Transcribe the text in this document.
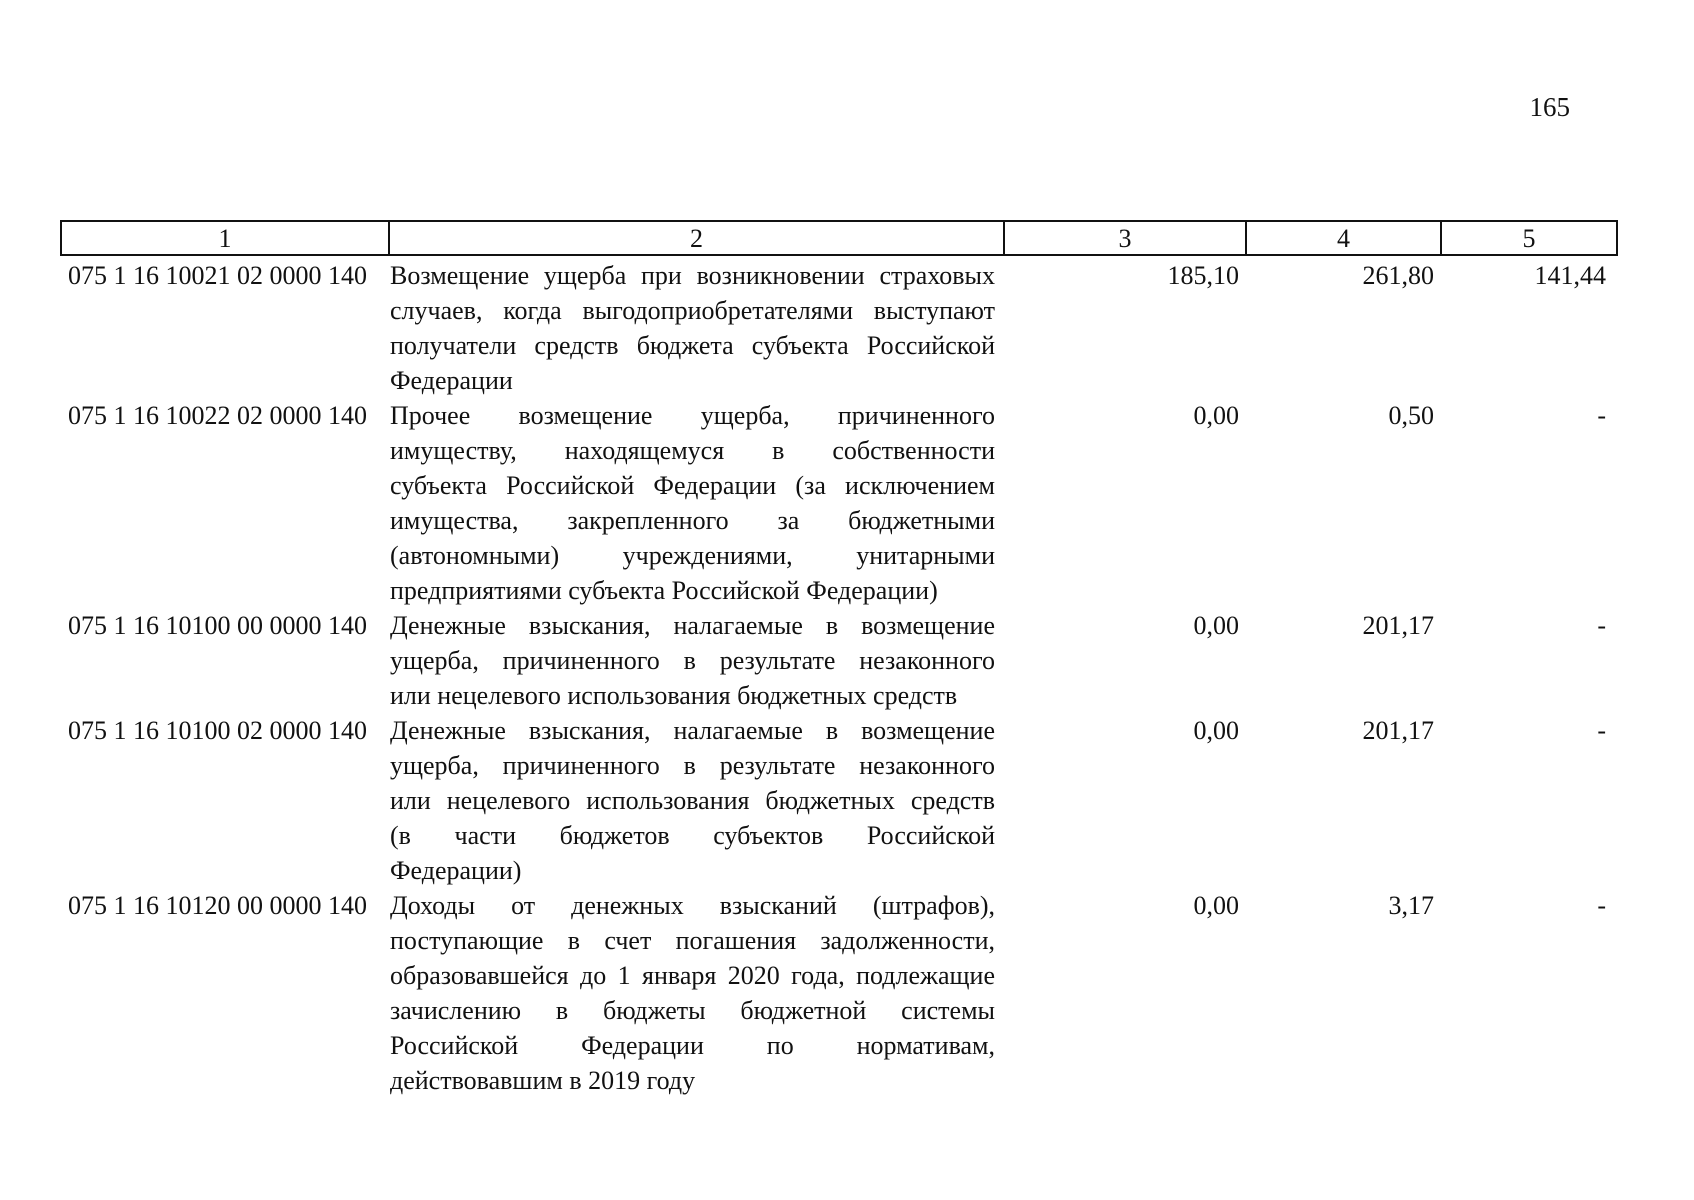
165
1	2	3	4	5
075 1 16 10021 02 0000 140 Возмещение ущерба при возникновении страховых
случаев, когда выгодоприобретателями выступают
получатели средств бюджета субъекта Российской
Федерации
185,10	261,80	141,44
075 1 16 10022 02 0000 140 Прочее возмещение ущерба, причиненного
имуществу, находящемуся в собственности
субъекта Российской Федерации (за исключением
имущества, закрепленного за бюджетными
(автономными) учреждениями, унитарными
предприятиями субъекта Российской Федерации)
0,00	0,50	-
075 1 16 10100 00 0000 140 Денежные взыскания, налагаемые в возмещение
ущерба, причиненного в результате незаконного
или нецелевого использования бюджетных средств
0,00	201,17	-
075 1 16 10100 02 0000 140 Денежные взыскания, налагаемые в возмещение
ущерба, причиненного в результате незаконного
или нецелевого использования бюджетных средств
(в части бюджетов субъектов Российской
Федерации)
0,00	201,17	-
075 1 16 10120 00 0000 140 Доходы от денежных взысканий (штрафов),
поступающие в счет погашения задолженности,
образовавшейся до 1 января 2020 года, подлежащие
зачислению в бюджеты бюджетной системы
Российской Федерации по нормативам,
действовавшим в 2019 году
0,00	3,17	-
